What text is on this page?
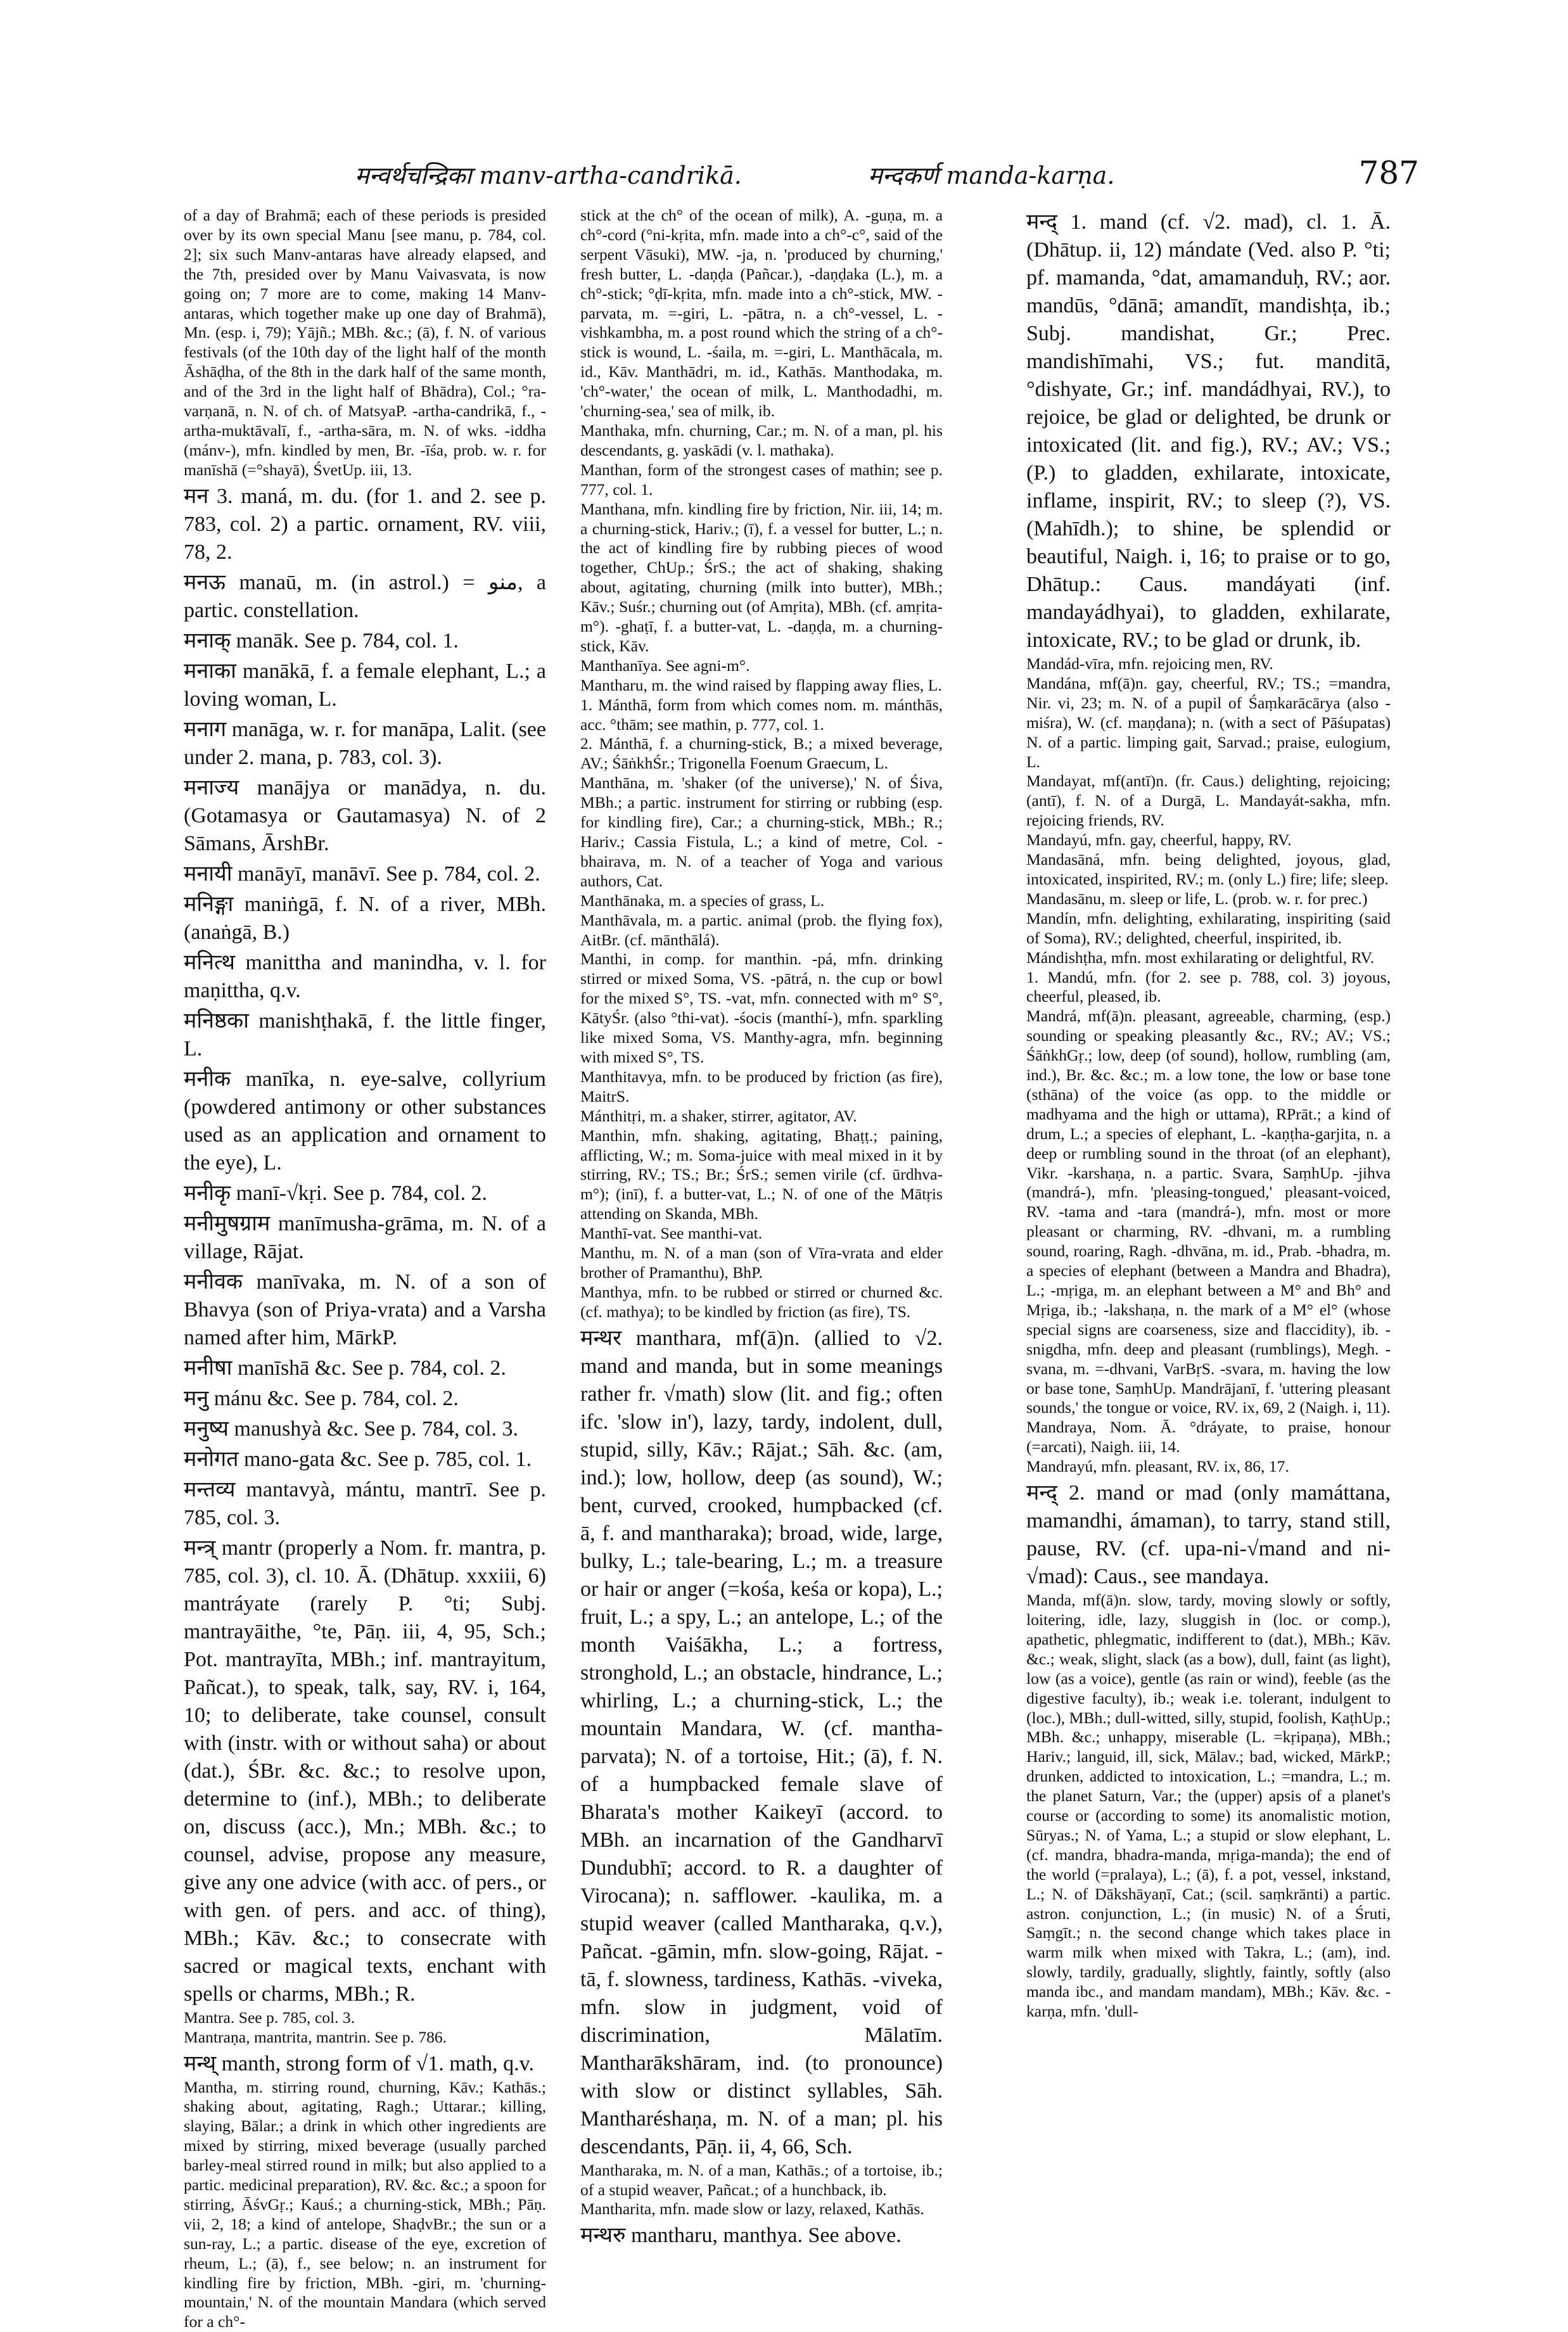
मन्वर्थचन्द्रिका manv-artha-candrikā.	मन्दकर्ण manda-karṇa.	787

of a day of Brahmā; each of these periods is presided over by its own special Manu [see manu, p. 784, col. 2]; six such Manv-antaras have already elapsed, and the 7th, presided over by Manu Vaivasvata, is now going on; 7 more are to come, making 14 Manv-antaras, which together make up one day of Brahmā), Mn. (esp. i, 79); Yājñ.; MBh. &c.; (ā), f. N. of various festivals (of the 10th day of the light half of the month Āshāḍha, of the 8th in the dark half of the same month, and of the 3rd in the light half of Bhādra), Col.; °ra-varṇanā, n. N. of ch. of MatsyaP. -artha-candrikā, f., -artha-muktāvalī, f., -artha-sāra, m. N. of wks. -iddha (mánv-), mfn. kindled by men, Br. -īśa, prob. w. r. for manīshā (=°shayā), ŚvetUp. iii, 13.

मन 3. maná, m. du. (for 1. and 2. see p. 783, col. 2) a partic. ornament, RV. viii, 78, 2.

मनऊ manaū, m. (in astrol.) = منو, a partic. constellation.

मनाक् manāk. See p. 784, col. 1.

मनाका manākā, f. a female elephant, L.; a loving woman, L.

मनाग manāga, w. r. for manāpa, Lalit. (see under 2. mana, p. 783, col. 3).

मनाज्य manājya or manādya, n. du. (Gotamasya or Gautamasya) N. of 2 Sāmans, ĀrshBr.

मनायी manāyī, manāvī. See p. 784, col. 2.

मनिङ्गा maniṅgā, f. N. of a river, MBh. (anaṅgā, B.)

मनित्थ manittha and manindha, v. l. for maṇittha, q.v.

मनिष्ठका manishṭhakā, f. the little finger, L.

मनीक manīka, n. eye-salve, collyrium (powdered antimony or other substances used as an application and ornament to the eye), L.

मनीकृ manī-√kṛi. See p. 784, col. 2.

मनीमुषग्राम manīmusha-grāma, m. N. of a village, Rājat.

मनीवक manīvaka, m. N. of a son of Bhavya (son of Priya-vrata) and a Varsha named after him, MārkP.

मनीषा manīshā &c. See p. 784, col. 2.

मनु mánu &c. See p. 784, col. 2.

मनुष्य manushyà &c. See p. 784, col. 3.

मनोगत mano-gata &c. See p. 785, col. 1.

मन्तव्य mantavyà, mántu, mantrī. See p. 785, col. 3.

मन्त्र् mantr (properly a Nom. fr. mantra, p. 785, col. 3), cl. 10. Ā. (Dhātup. xxxiii, 6) mantráyate (rarely P. °ti; Subj. mantrayāithe, °te, Pāṇ. iii, 4, 95, Sch.; Pot. mantrayīta, MBh.; inf. mantrayitum, Pañcat.), to speak, talk, say, RV. i, 164, 10; to deliberate, take counsel, consult with (instr. with or without saha) or about (dat.), ŚBr. &c. &c.; to resolve upon, determine to (inf.), MBh.; to deliberate on, discuss (acc.), Mn.; MBh. &c.; to counsel, advise, propose any measure, give any one advice (with acc. of pers., or with gen. of pers. and acc. of thing), MBh.; Kāv. &c.; to consecrate with sacred or magical texts, enchant with spells or charms, MBh.; R.

Mantra. See p. 785, col. 3.

Mantraṇa, mantrita, mantrin. See p. 786.

मन्थ् manth, strong form of √1. math, q.v.

Mantha, m. stirring round, churning, Kāv.; Kathās.; shaking about, agitating, Ragh.; Uttarar.; killing, slaying, Bālar.; a drink in which other ingredients are mixed by stirring, mixed beverage (usually parched barley-meal stirred round in milk; but also applied to a partic. medicinal preparation), RV. &c. &c.; a spoon for stirring, ĀśvGṛ.; Kauś.; a churning-stick, MBh.; Pāṇ. vii, 2, 18; a kind of antelope, ShaḍvBr.; the sun or a sun-ray, L.; a partic. disease of the eye, excretion of rheum, L.; (ā), f., see below; n. an instrument for kindling fire by friction, MBh. -giri, m. 'churning-mountain,' N. of the mountain Mandara (which served for a ch°-

stick at the ch° of the ocean of milk), A. -guṇa, m. a ch°-cord (°ni-kṛita, mfn. made into a ch°-c°, said of the serpent Vāsuki), MW. -ja, n. 'produced by churning,' fresh butter, L. -daṇḍa (Pañcar.), -daṇḍaka (L.), m. a ch°-stick; °ḍī-kṛita, mfn. made into a ch°-stick, MW. -parvata, m. =-giri, L. -pātra, n. a ch°-vessel, L. -vishkambha, m. a post round which the string of a ch°-stick is wound, L. -śaila, m. =-giri, L. Manthācala, m. id., Kāv. Manthādri, m. id., Kathās. Manthodaka, m. 'ch°-water,' the ocean of milk, L. Manthodadhi, m. 'churning-sea,' sea of milk, ib.

Manthaka, mfn. churning, Car.; m. N. of a man, pl. his descendants, g. yaskādi (v. l. mathaka).

Manthan, form of the strongest cases of mathin; see p. 777, col. 1.

Manthana, mfn. kindling fire by friction, Nir. iii, 14; m. a churning-stick, Hariv.; (ī), f. a vessel for butter, L.; n. the act of kindling fire by rubbing pieces of wood together, ChUp.; ŚrS.; the act of shaking, shaking about, agitating, churning (milk into butter), MBh.; Kāv.; Suśr.; churning out (of Amṛita), MBh. (cf. amṛita-m°). -ghaṭī, f. a butter-vat, L. -daṇḍa, m. a churning-stick, Kāv.

Manthanīya. See agni-m°.

Mantharu, m. the wind raised by flapping away flies, L.

1. Mánthā, form from which comes nom. m. mánthās, acc. °thām; see mathin, p. 777, col. 1.

2. Mánthā, f. a churning-stick, B.; a mixed beverage, AV.; ŚāṅkhŚr.; Trigonella Foenum Graecum, L.

Manthāna, m. 'shaker (of the universe),' N. of Śiva, MBh.; a partic. instrument for stirring or rubbing (esp. for kindling fire), Car.; a churning-stick, MBh.; R.; Hariv.; Cassia Fistula, L.; a kind of metre, Col. -bhairava, m. N. of a teacher of Yoga and various authors, Cat.

Manthānaka, m. a species of grass, L.

Manthāvala, m. a partic. animal (prob. the flying fox), AitBr. (cf. mānthālá).

Manthi, in comp. for manthin. -pá, mfn. drinking stirred or mixed Soma, VS. -pātrá, n. the cup or bowl for the mixed S°, TS. -vat, mfn. connected with m° S°, KātyŚr. (also °thi-vat). -śocis (manthí-), mfn. sparkling like mixed Soma, VS. Manthy-agra, mfn. beginning with mixed S°, TS.

Manthitavya, mfn. to be produced by friction (as fire), MaitrS.

Mánthitṛi, m. a shaker, stirrer, agitator, AV.

Manthin, mfn. shaking, agitating, Bhaṭṭ.; paining, afflicting, W.; m. Soma-juice with meal mixed in it by stirring, RV.; TS.; Br.; ŚrS.; semen virile (cf. ūrdhva-m°); (inī), f. a butter-vat, L.; N. of one of the Mātṛis attending on Skanda, MBh.

Manthī-vat. See manthi-vat.

Manthu, m. N. of a man (son of Vīra-vrata and elder brother of Pramanthu), BhP.

Manthya, mfn. to be rubbed or stirred or churned &c. (cf. mathya); to be kindled by friction (as fire), TS.

मन्थर manthara, mf(ā)n. (allied to √2. mand and manda, but in some meanings rather fr. √math) slow (lit. and fig.; often ifc. 'slow in'), lazy, tardy, indolent, dull, stupid, silly, Kāv.; Rājat.; Sāh. &c. (am, ind.); low, hollow, deep (as sound), W.; bent, curved, crooked, humpbacked (cf. ā, f. and mantharaka); broad, wide, large, bulky, L.; tale-bearing, L.; m. a treasure or hair or anger (=kośa, keśa or kopa), L.; fruit, L.; a spy, L.; an antelope, L.; of the month Vaiśākha, L.; a fortress, stronghold, L.; an obstacle, hindrance, L.; whirling, L.; a churning-stick, L.; the mountain Mandara, W. (cf. mantha-parvata); N. of a tortoise, Hit.; (ā), f. N. of a humpbacked female slave of Bharata's mother Kaikeyī (accord. to MBh. an incarnation of the Gandharvī Dundubhī; accord. to R. a daughter of Virocana); n. safflower. -kaulika, m. a stupid weaver (called Mantharaka, q.v.), Pañcat. -gāmin, mfn. slow-going, Rājat. -tā, f. slowness, tardiness, Kathās. -viveka, mfn. slow in judgment, void of discrimination, Mālatīm. Mantharākshāram, ind. (to pronounce) with slow or distinct syllables, Sāh. Mantharéshaṇa, m. N. of a man; pl. his descendants, Pāṇ. ii, 4, 66, Sch.

Mantharaka, m. N. of a man, Kathās.; of a tortoise, ib.; of a stupid weaver, Pañcat.; of a hunchback, ib.

Mantharita, mfn. made slow or lazy, relaxed, Kathās.

मन्थरु mantharu, manthya. See above.

मन्द् 1. mand (cf. √2. mad), cl. 1. Ā. (Dhātup. ii, 12) mándate (Ved. also P. °ti; pf. mamanda, °dat, amamanduḥ, RV.; aor. mandūs, °dānā; amandīt, mandishṭa, ib.; Subj. mandishat, Gr.; Prec. mandishīmahi, VS.; fut. manditā, °dishyate, Gr.; inf. mandádhyai, RV.), to rejoice, be glad or delighted, be drunk or intoxicated (lit. and fig.), RV.; AV.; VS.; (P.) to gladden, exhilarate, intoxicate, inflame, inspirit, RV.; to sleep (?), VS. (Mahīdh.); to shine, be splendid or beautiful, Naigh. i, 16; to praise or to go, Dhātup.: Caus. mandáyati (inf. mandayádhyai), to gladden, exhilarate, intoxicate, RV.; to be glad or drunk, ib.

Mandád-vīra, mfn. rejoicing men, RV.

Mandána, mf(ā)n. gay, cheerful, RV.; TS.; =mandra, Nir. vi, 23; m. N. of a pupil of Śaṃkarācārya (also -miśra), W. (cf. maṇḍana); n. (with a sect of Pāśupatas) N. of a partic. limping gait, Sarvad.; praise, eulogium, L.

Mandayat, mf(antī)n. (fr. Caus.) delighting, rejoicing; (antī), f. N. of a Durgā, L. Mandayát-sakha, mfn. rejoicing friends, RV.

Mandayú, mfn. gay, cheerful, happy, RV.

Mandasāná, mfn. being delighted, joyous, glad, intoxicated, inspirited, RV.; m. (only L.) fire; life; sleep.

Mandasānu, m. sleep or life, L. (prob. w. r. for prec.)

Mandín, mfn. delighting, exhilarating, inspiriting (said of Soma), RV.; delighted, cheerful, inspirited, ib.

Mándishṭha, mfn. most exhilarating or delightful, RV.

1. Mandú, mfn. (for 2. see p. 788, col. 3) joyous, cheerful, pleased, ib.

Mandrá, mf(ā)n. pleasant, agreeable, charming, (esp.) sounding or speaking pleasantly &c., RV.; AV.; VS.; ŚāṅkhGṛ.; low, deep (of sound), hollow, rumbling (am, ind.), Br. &c. &c.; m. a low tone, the low or base tone (sthāna) of the voice (as opp. to the middle or madhyama and the high or uttama), RPrāt.; a kind of drum, L.; a species of elephant, L. -kaṇṭha-garjita, n. a deep or rumbling sound in the throat (of an elephant), Vikr. -karshaṇa, n. a partic. Svara, SaṃhUp. -jihva (mandrá-), mfn. 'pleasing-tongued,' pleasant-voiced, RV. -tama and -tara (mandrá-), mfn. most or more pleasant or charming, RV. -dhvani, m. a rumbling sound, roaring, Ragh. -dhvāna, m. id., Prab. -bhadra, m. a species of elephant (between a Mandra and Bhadra), L.; -mṛiga, m. an elephant between a M° and Bh° and Mṛiga, ib.; -lakshaṇa, n. the mark of a M° el° (whose special signs are coarseness, size and flaccidity), ib. -snigdha, mfn. deep and pleasant (rumblings), Megh. -svana, m. =-dhvani, VarBṛS. -svara, m. having the low or base tone, SaṃhUp. Mandrājanī, f. 'uttering pleasant sounds,' the tongue or voice, RV. ix, 69, 2 (Naigh. i, 11).

Mandraya, Nom. Ā. °dráyate, to praise, honour (=arcati), Naigh. iii, 14.

Mandrayú, mfn. pleasant, RV. ix, 86, 17.

मन्द् 2. mand or mad (only mamáttana, mamandhi, ámaman), to tarry, stand still, pause, RV. (cf. upa-ni-√mand and ni-√mad): Caus., see mandaya.

Manda, mf(ā)n. slow, tardy, moving slowly or softly, loitering, idle, lazy, sluggish in (loc. or comp.), apathetic, phlegmatic, indifferent to (dat.), MBh.; Kāv. &c.; weak, slight, slack (as a bow), dull, faint (as light), low (as a voice), gentle (as rain or wind), feeble (as the digestive faculty), ib.; weak i.e. tolerant, indulgent to (loc.), MBh.; dull-witted, silly, stupid, foolish, KaṭhUp.; MBh. &c.; unhappy, miserable (L. =kṛipaṇa), MBh.; Hariv.; languid, ill, sick, Mālav.; bad, wicked, MārkP.; drunken, addicted to intoxication, L.; =mandra, L.; m. the planet Saturn, Var.; the (upper) apsis of a planet's course or (according to some) its anomalistic motion, Sūryas.; N. of Yama, L.; a stupid or slow elephant, L. (cf. mandra, bhadra-manda, mṛiga-manda); the end of the world (=pralaya), L.; (ā), f. a pot, vessel, inkstand, L.; N. of Dākshāyaṇī, Cat.; (scil. saṃkrānti) a partic. astron. conjunction, L.; (in music) N. of a Śruti, Saṃgīt.; n. the second change which takes place in warm milk when mixed with Takra, L.; (am), ind. slowly, tardily, gradually, slightly, faintly, softly (also manda ibc., and mandam mandam), MBh.; Kāv. &c. -karṇa, mfn. 'dull-
